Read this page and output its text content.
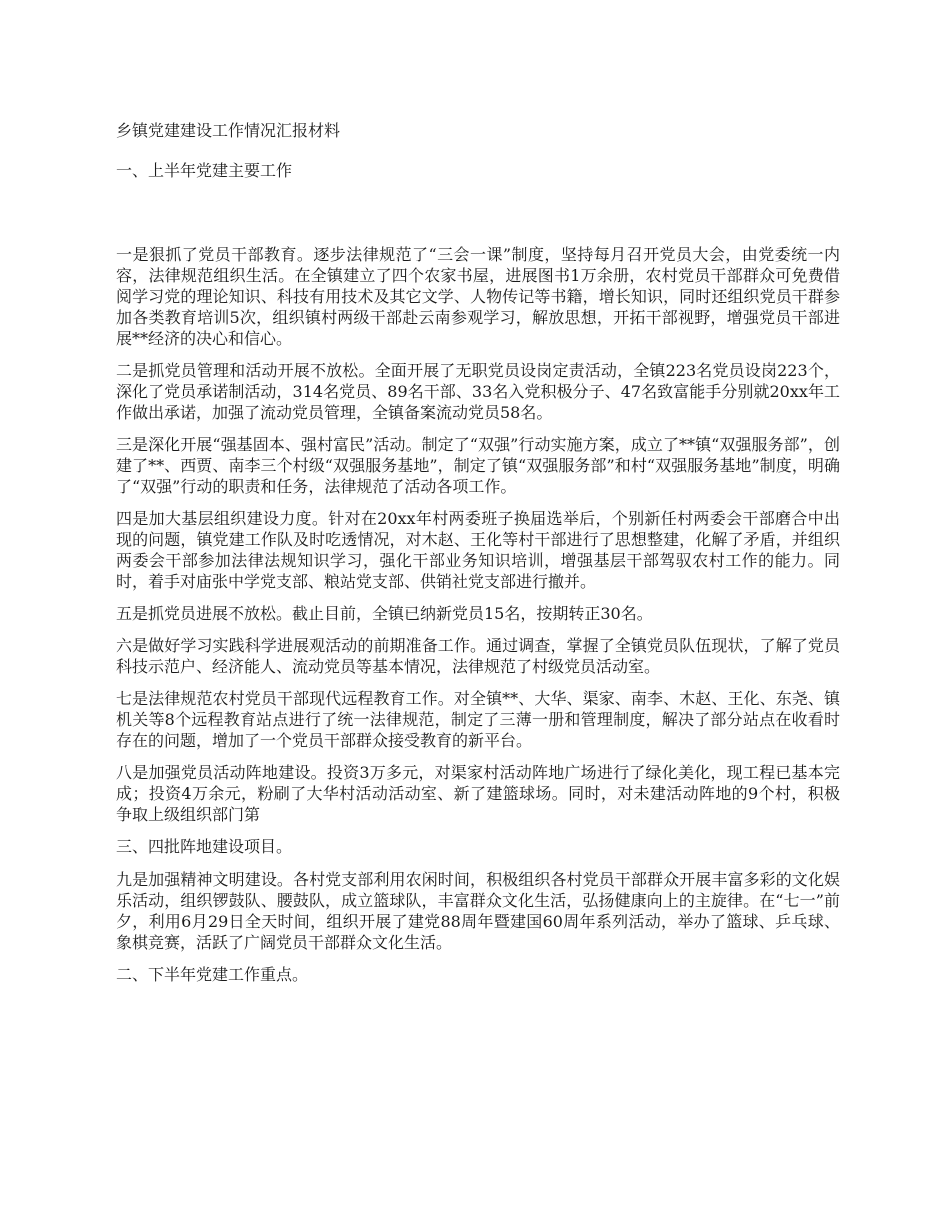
乡镇党建建设工作情况汇报材料

一、上半年党建主要工作

一是狠抓了党员干部教育。逐步法律规范了“三会一课”制度，坚持每月召开党员大会，由党委统一内容，法律规范组织生活。在全镇建立了四个农家书屋，进展图书1万余册，农村党员干部群众可免费借阅学习党的理论知识、科技有用技术及其它文学、人物传记等书籍，增长知识，同时还组织党员干群参加各类教育培训5次，组织镇村两级干部赴云南参观学习，解放思想，开拓干部视野，增强党员干部进展**经济的决心和信心。

二是抓党员管理和活动开展不放松。全面开展了无职党员设岗定责活动，全镇223名党员设岗223个，深化了党员承诺制活动，314名党员、89名干部、33名入党积极分子、47名致富能手分别就20xx年工作做出承诺，加强了流动党员管理，全镇备案流动党员58名。

三是深化开展“强基固本、强村富民”活动。制定了“双强”行动实施方案，成立了**镇“双强服务部”，创建了**、西贾、南李三个村级“双强服务基地”，制定了镇“双强服务部”和村“双强服务基地”制度，明确了“双强”行动的职责和任务，法律规范了活动各项工作。

四是加大基层组织建设力度。针对在20xx年村两委班子换届选举后，个别新任村两委会干部磨合中出现的问题，镇党建工作队及时吃透情况，对木赵、王化等村干部进行了思想整建，化解了矛盾，并组织两委会干部参加法律法规知识学习，强化干部业务知识培训，增强基层干部驾驭农村工作的能力。同时，着手对庙张中学党支部、粮站党支部、供销社党支部进行撤并。

五是抓党员进展不放松。截止目前，全镇已纳新党员15名，按期转正30名。

六是做好学习实践科学进展观活动的前期准备工作。通过调查，掌握了全镇党员队伍现状，了解了党员科技示范户、经济能人、流动党员等基本情况，法律规范了村级党员活动室。

七是法律规范农村党员干部现代远程教育工作。对全镇**、大华、渠家、南李、木赵、王化、东尧、镇机关等8个远程教育站点进行了统一法律规范，制定了三薄一册和管理制度，解决了部分站点在收看时存在的问题，增加了一个党员干部群众接受教育的新平台。

八是加强党员活动阵地建设。投资3万多元，对渠家村活动阵地广场进行了绿化美化，现工程已基本完成；投资4万余元，粉刷了大华村活动活动室、新了建篮球场。同时，对未建活动阵地的9个村，积极争取上级组织部门第

三、四批阵地建设项目。

九是加强精神文明建设。各村党支部利用农闲时间，积极组织各村党员干部群众开展丰富多彩的文化娱乐活动，组织锣鼓队、腰鼓队，成立篮球队，丰富群众文化生活，弘扬健康向上的主旋律。在“七一”前夕，利用6月29日全天时间，组织开展了建党88周年暨建国60周年系列活动，举办了篮球、乒乓球、象棋竞赛，活跃了广阔党员干部群众文化生活。

二、下半年党建工作重点。
